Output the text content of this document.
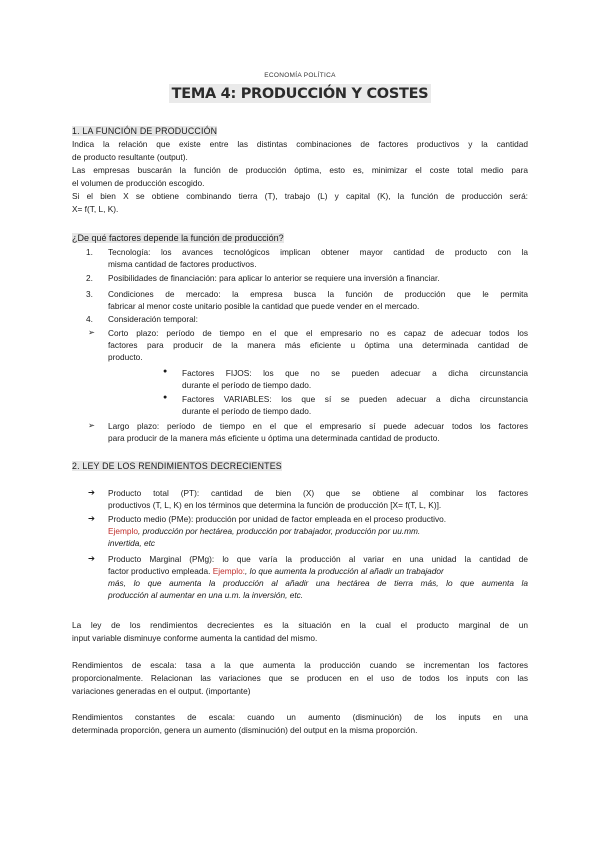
ECONOMÍA POLÍTICA
TEMA 4: PRODUCCIÓN Y COSTES
1. LA FUNCIÓN DE PRODUCCIÓN
Indica la relación que existe entre las distintas combinaciones de factores productivos y la cantidad
de producto resultante (output).
Las empresas buscarán la función de producción óptima, esto es, minimizar el coste total medio para
el volumen de producción escogido.
Si el bien X se obtiene combinando tierra (T), trabajo (L) y capital (K), la función de producción será:
X= f(T, L, K).
¿De qué factores depende la función de producción?
1.	Tecnología: los avances tecnológicos implican obtener mayor cantidad de producto con la
misma cantidad de factores productivos.
2.	Posibilidades de financiación: para aplicar lo anterior se requiere una inversión a financiar.
3.	Condiciones de mercado: la empresa busca la función de producción que le permita
fabricar al menor coste unitario posible la cantidad que puede vender en el mercado.
4.	Consideración temporal:
➢ Corto plazo: período de tiempo en el que el empresario no es capaz de adecuar todos los
factores para producir de la manera más eficiente u óptima una determinada cantidad de
producto.
● Factores FIJOS: los que no se pueden adecuar a dicha circunstancia
durante el período de tiempo dado.
● Factores VARIABLES: los que sí se pueden adecuar a dicha circunstancia
durante el período de tiempo dado.
➢ Largo plazo: período de tiempo en el que el empresario sí puede adecuar todos los factores
para producir de la manera más eficiente u óptima una determinada cantidad de producto.
2. LEY DE LOS RENDIMIENTOS DECRECIENTES
➔ Producto total (PT): cantidad de bien (X) que se obtiene al combinar los factores
productivos (T, L, K) en los términos que determina la función de producción [X= f(T, L, K)].
➔ Producto medio (PMe): producción por unidad de factor empleada en el proceso productivo.
Ejemplo, producción por hectárea, producción por trabajador, producción por uu.mm.
invertida, etc
➔ Producto Marginal (PMg): lo que varía la producción al variar en una unidad la cantidad de
factor productivo empleada. Ejemplo:, lo que aumenta la producción al añadir un trabajador
más, lo que aumenta la producción al añadir una hectárea de tierra más, lo que aumenta la
producción al aumentar en una u.m. la inversión, etc.
La ley de los rendimientos decrecientes es la situación en la cual el producto marginal de un
input variable disminuye conforme aumenta la cantidad del mismo.
Rendimientos de escala: tasa a la que aumenta la producción cuando se incrementan los factores
proporcionalmente. Relacionan las variaciones que se producen en el uso de todos los inputs con las
variaciones generadas en el output. (importante)
Rendimientos constantes de escala: cuando un aumento (disminución) de los inputs en una
determinada proporción, genera un aumento (disminución) del output en la misma proporción.
